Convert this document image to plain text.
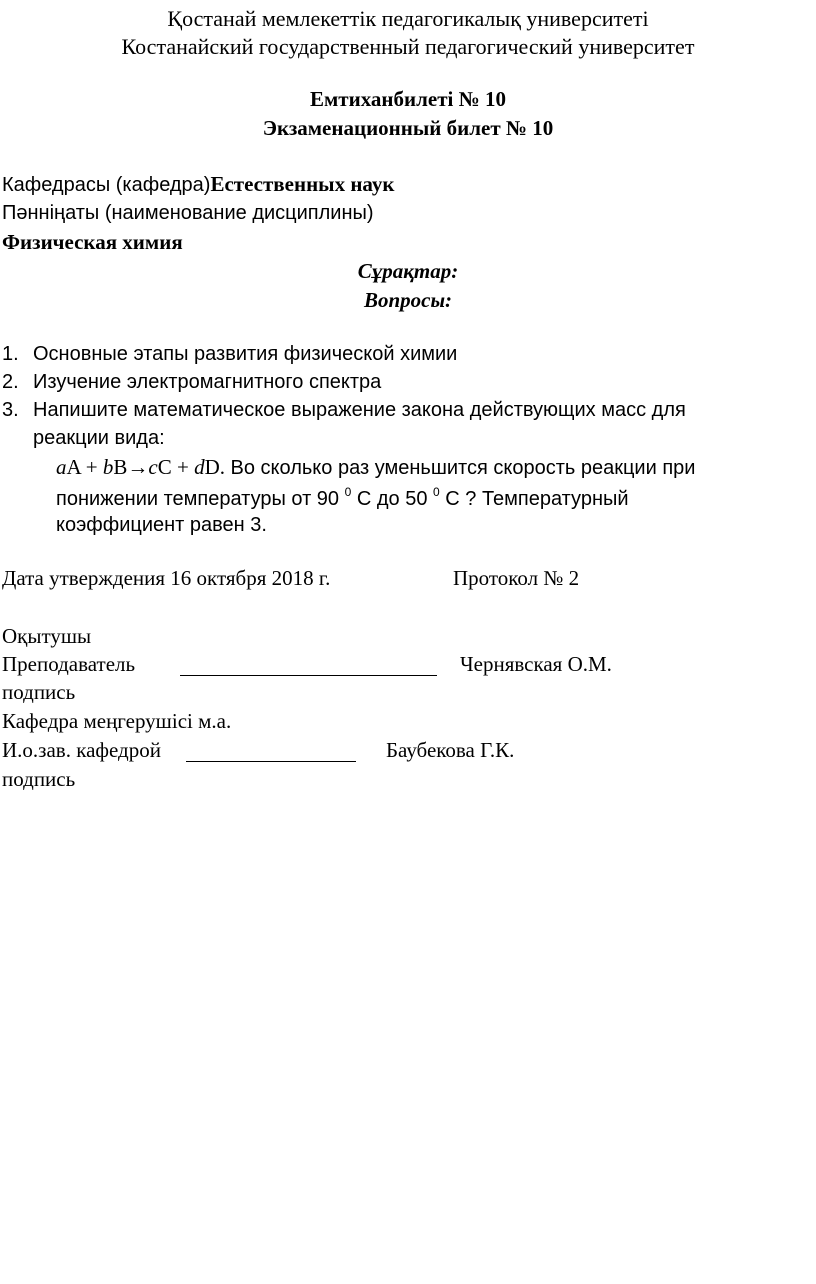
Қостанай мемлекеттік педагогикалық университеті
Костанайский государственный педагогический университет
Емтиханбилеті № 10
Экзаменационный билет № 10
Кафедрасы (кафедра)Естественных наук
Пәнніңаты (наименование дисциплины)
Физическая химия
Сұрақтар:
Вопросы:
1. Основные этапы развития физической химии
2. Изучение электромагнитного спектра
3. Напишите математическое выражение закона действующих масс для
реакции вида:
aA + bB→cC + dD. Во сколько раз уменьшится скорость реакции при
понижении температуры от 90 $^0$ C до 50 $^0$ C ? Температурный
коэффициент равен 3.
Дата утверждения 16 октября 2018 г.	Протокол № 2
Оқытушы
Преподаватель	Чернявская О.М.
подпись
Кафедра меңгерушісі м.а.
И.о.зав. кафедрой	Баубекова Г.К.
подпись
